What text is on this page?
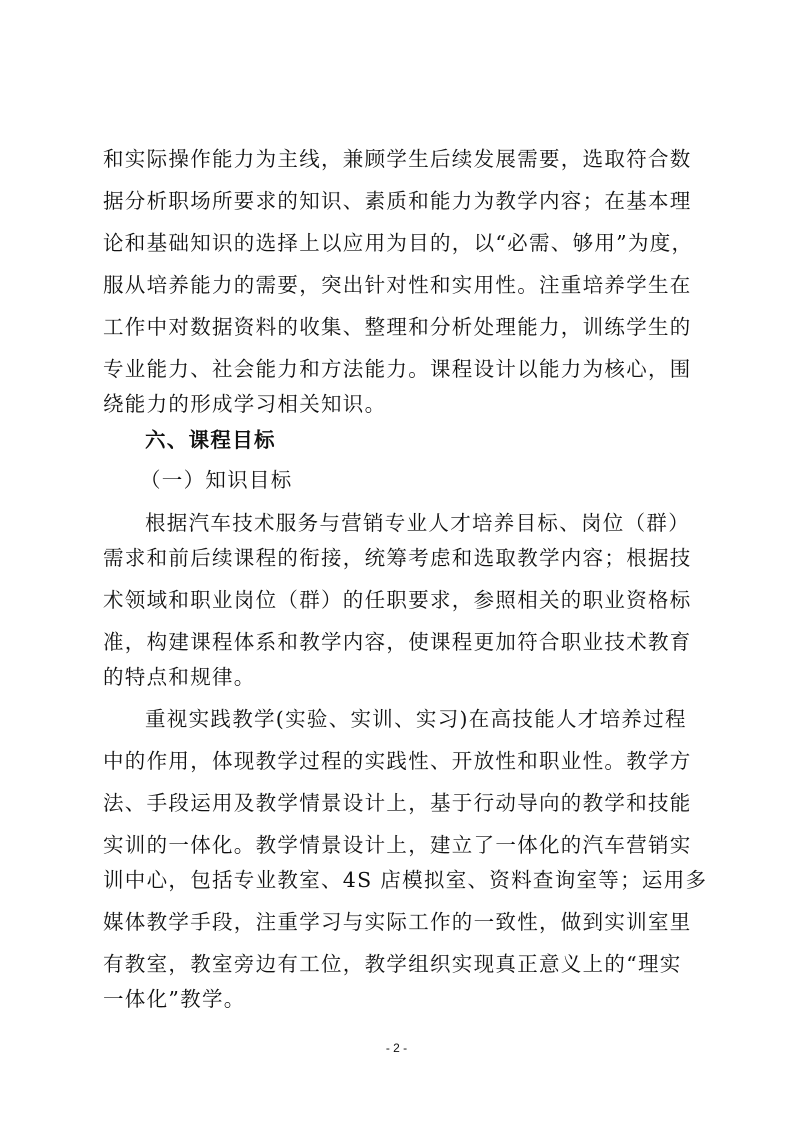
和实际操作能力为主线，兼顾学生后续发展需要，选取符合数
据分析职场所要求的知识、素质和能力为教学内容；在基本理
论和基础知识的选择上以应用为目的，以“必需、够用”为度，
服从培养能力的需要，突出针对性和实用性。注重培养学生在
工作中对数据资料的收集、整理和分析处理能力，训练学生的
专业能力、社会能力和方法能力。课程设计以能力为核心，围
绕能力的形成学习相关知识。
六、课程目标
（一）知识目标
根据汽车技术服务与营销专业人才培养目标、岗位（群）
需求和前后续课程的衔接，统筹考虑和选取教学内容；根据技
术领域和职业岗位（群）的任职要求，参照相关的职业资格标
准，构建课程体系和教学内容，使课程更加符合职业技术教育
的特点和规律。
重视实践教学(实验、实训、实习)在高技能人才培养过程
中的作用，体现教学过程的实践性、开放性和职业性。教学方
法、手段运用及教学情景设计上，基于行动导向的教学和技能
实训的一体化。教学情景设计上，建立了一体化的汽车营销实
训中心，包括专业教室、4S 店模拟室、资料查询室等；运用多
媒体教学手段，注重学习与实际工作的一致性，做到实训室里
有教室，教室旁边有工位，教学组织实现真正意义上的“理实
一体化”教学。
- 2 -
